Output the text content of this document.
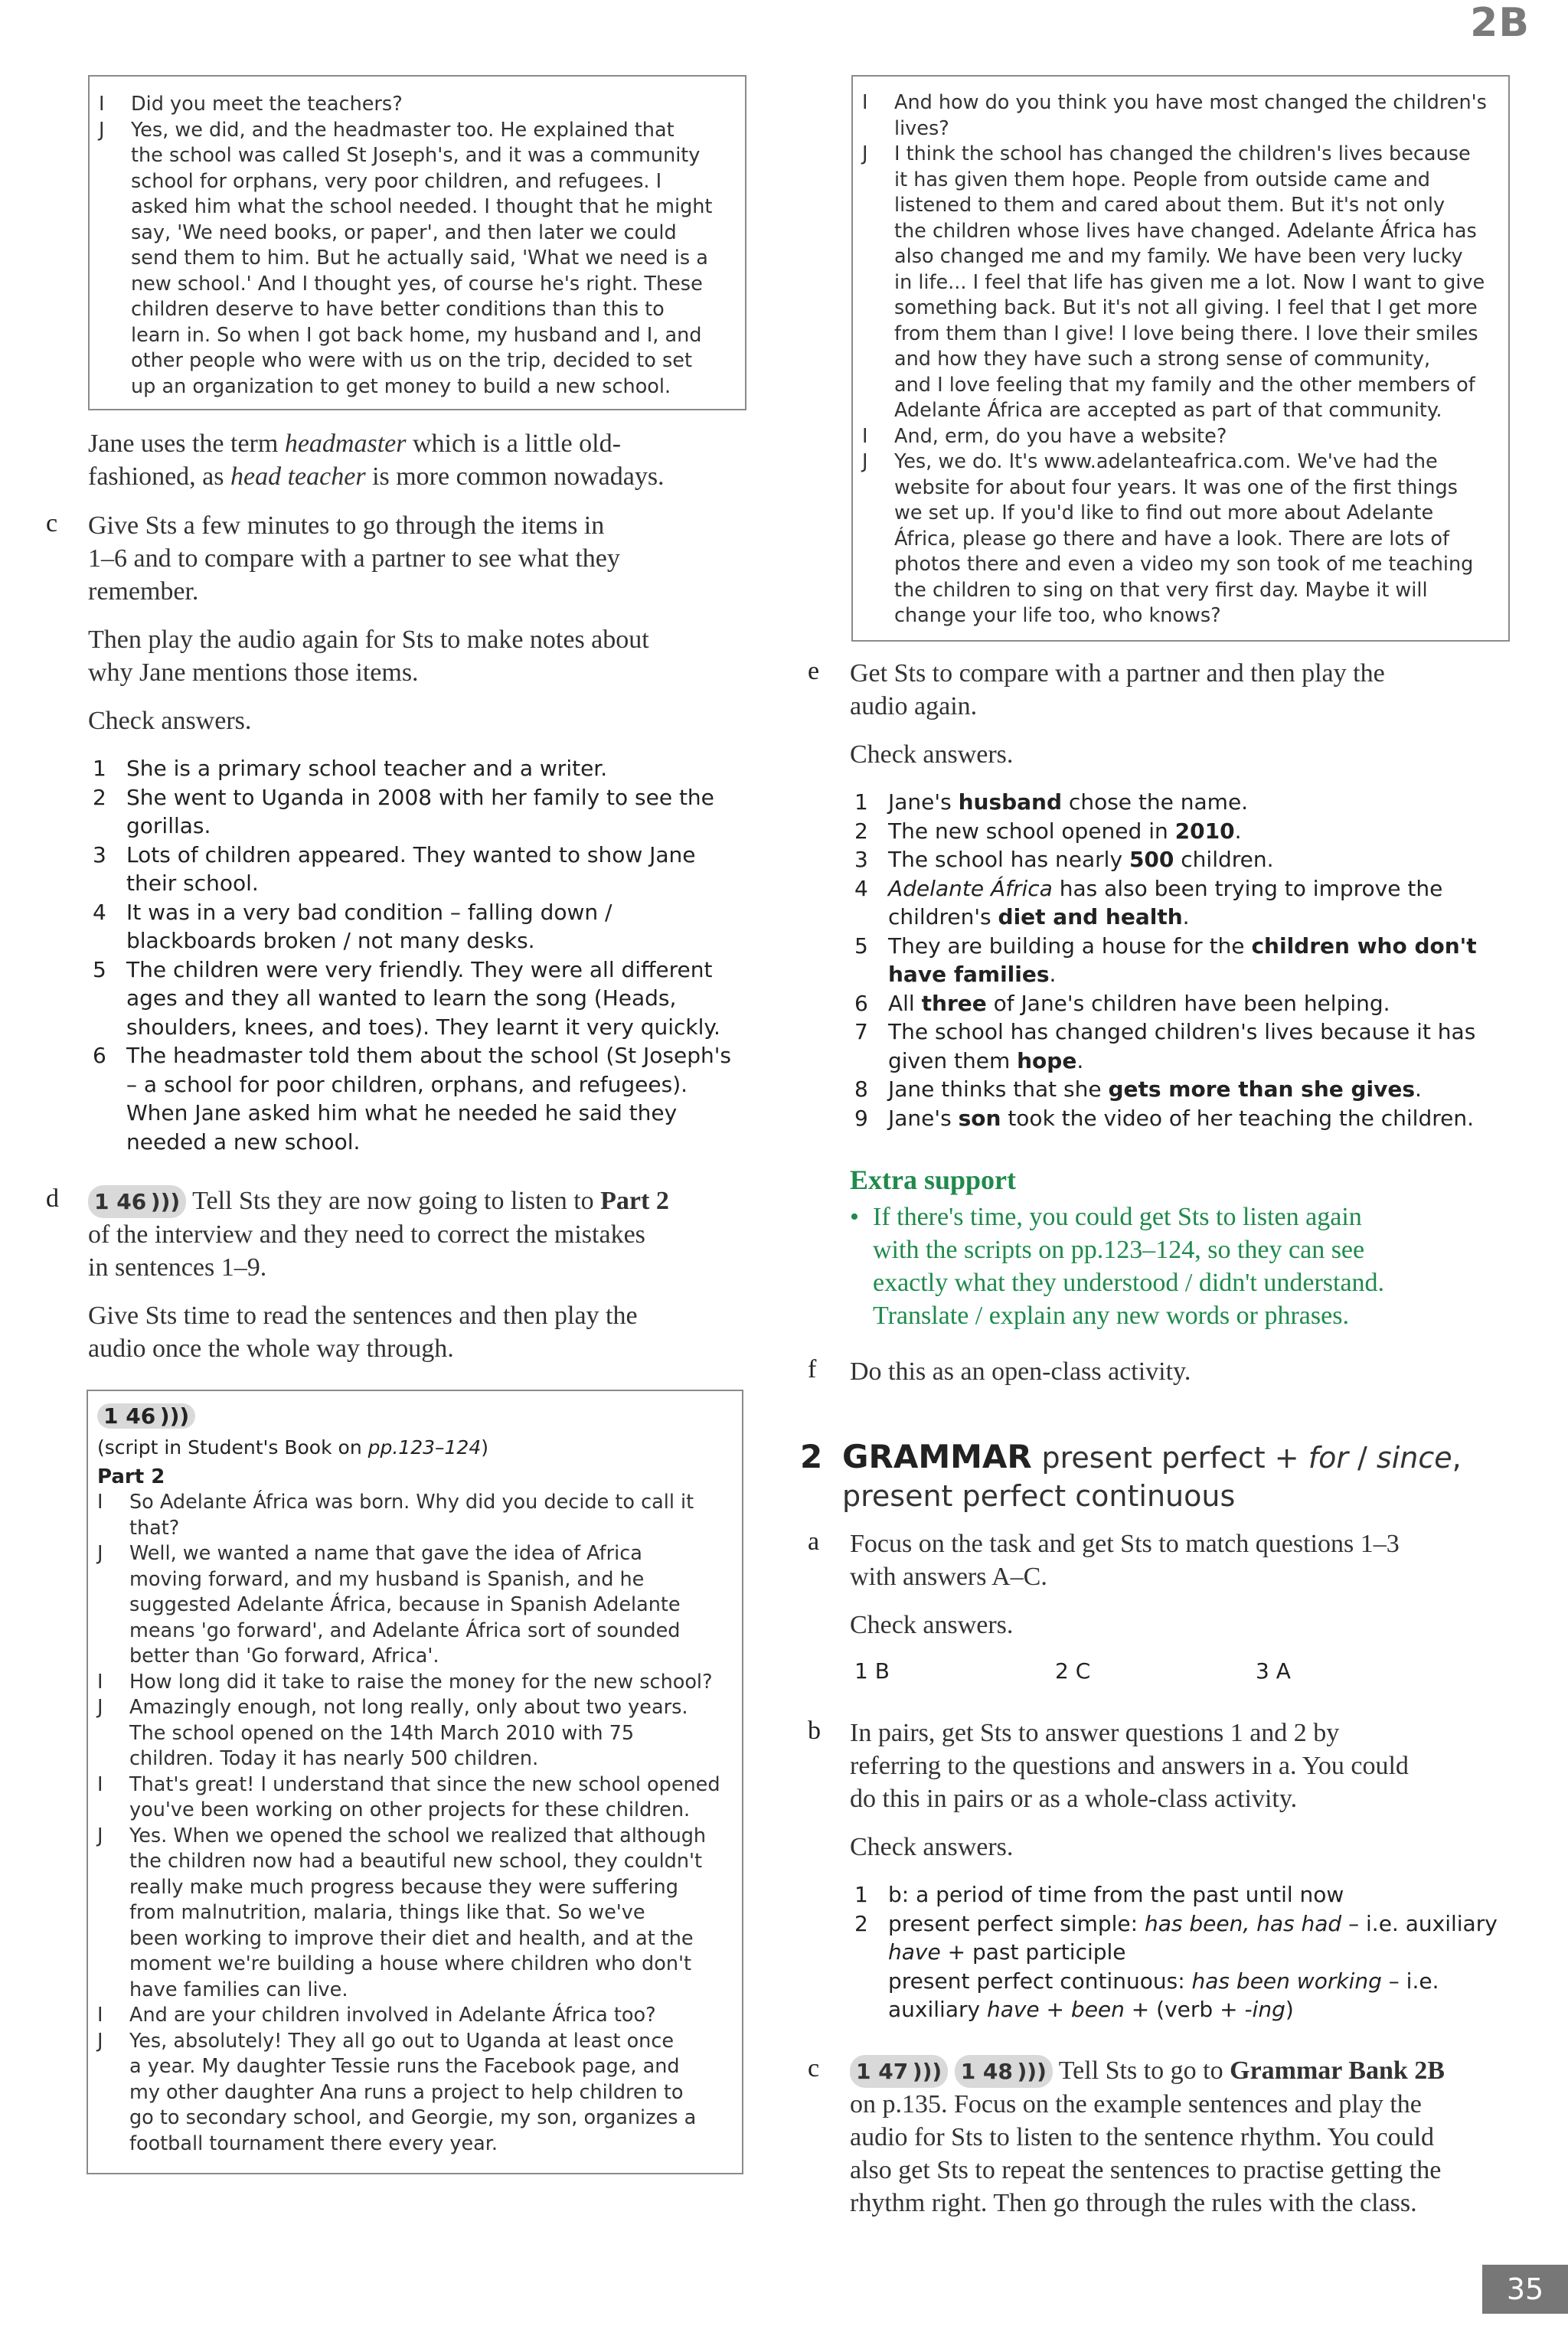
2B
I	Did you meet the teachers?
J	Yes, we did, and the headmaster too. He explained that
the school was called St Joseph's, and it was a community
school for orphans, very poor children, and refugees. I
asked him what the school needed. I thought that he might
say, 'We need books, or paper', and then later we could
send them to him. But he actually said, 'What we need is a
new school.' And I thought yes, of course he's right. These
children deserve to have better conditions than this to
learn in. So when I got back home, my husband and I, and
other people who were with us on the trip, decided to set
up an organization to get money to build a new school.
Jane uses the term headmaster which is a little old-
fashioned, as head teacher is more common nowadays.
c Give Sts a few minutes to go through the items in
1–6 and to compare with a partner to see what they
remember.
Then play the audio again for Sts to make notes about
why Jane mentions those items.
Check answers.
1 She is a primary school teacher and a writer.
2 She went to Uganda in 2008 with her family to see the
gorillas.
3 Lots of children appeared. They wanted to show Jane
their school.
4 It was in a very bad condition – falling down /
blackboards broken / not many desks.
5 The children were very friendly. They were all different
ages and they all wanted to learn the song (Heads,
shoulders, knees, and toes). They learnt it very quickly.
6 The headmaster told them about the school (St Joseph's
– a school for poor children, orphans, and refugees).
When Jane asked him what he needed he said they
needed a new school.
d 1 46 ))) Tell Sts they are now going to listen to Part 2
of the interview and they need to correct the mistakes
in sentences 1–9.
Give Sts time to read the sentences and then play the
audio once the whole way through.
1 46 )))
(script in Student's Book on pp.123–124)
Part 2
I	So Adelante África was born. Why did you decide to call it
that?
J	Well, we wanted a name that gave the idea of Africa
moving forward, and my husband is Spanish, and he
suggested Adelante África, because in Spanish Adelante
means 'go forward', and Adelante África sort of sounded
better than 'Go forward, Africa'.
I	How long did it take to raise the money for the new school?
J	Amazingly enough, not long really, only about two years.
The school opened on the 14th March 2010 with 75
children. Today it has nearly 500 children.
I	That's great! I understand that since the new school opened
you've been working on other projects for these children.
J	Yes. When we opened the school we realized that although
the children now had a beautiful new school, they couldn't
really make much progress because they were suffering
from malnutrition, malaria, things like that. So we've
been working to improve their diet and health, and at the
moment we're building a house where children who don't
have families can live.
I	And are your children involved in Adelante África too?
J	Yes, absolutely! They all go out to Uganda at least once
a year. My daughter Tessie runs the Facebook page, and
my other daughter Ana runs a project to help children to
go to secondary school, and Georgie, my son, organizes a
football tournament there every year.
I	And how do you think you have most changed the children's
lives?
J	I think the school has changed the children's lives because
it has given them hope. People from outside came and
listened to them and cared about them. But it's not only
the children whose lives have changed. Adelante África has
also changed me and my family. We have been very lucky
in life... I feel that life has given me a lot. Now I want to give
something back. But it's not all giving. I feel that I get more
from them than I give! I love being there. I love their smiles
and how they have such a strong sense of community,
and I love feeling that my family and the other members of
Adelante África are accepted as part of that community.
I	And, erm, do you have a website?
J	Yes, we do. It's www.adelanteafrica.com. We've had the
website for about four years. It was one of the first things
we set up. If you'd like to find out more about Adelante
África, please go there and have a look. There are lots of
photos there and even a video my son took of me teaching
the children to sing on that very first day. Maybe it will
change your life too, who knows?
e Get Sts to compare with a partner and then play the
audio again.
Check answers.
1 Jane's husband chose the name.
2 The new school opened in 2010.
3 The school has nearly 500 children.
4 Adelante África has also been trying to improve the
children's diet and health.
5 They are building a house for the children who don't
have families.
6 All three of Jane's children have been helping.
7 The school has changed children's lives because it has
given them hope.
8 Jane thinks that she gets more than she gives.
9 Jane's son took the video of her teaching the children.
Extra support
• If there's time, you could get Sts to listen again
with the scripts on pp.123–124, so they can see
exactly what they understood / didn't understand.
Translate / explain any new words or phrases.
f Do this as an open-class activity.
2 GRAMMAR present perfect + for / since,
present perfect continuous
a Focus on the task and get Sts to match questions 1–3
with answers A–C.
Check answers.
1 B	2 C	3 A
b In pairs, get Sts to answer questions 1 and 2 by
referring to the questions and answers in a. You could
do this in pairs or as a whole-class activity.
Check answers.
1 b: a period of time from the past until now
2 present perfect simple: has been, has had – i.e. auxiliary
have + past participle
present perfect continuous: has been working – i.e.
auxiliary have + been + (verb + -ing)
c 1 47 ))) 1 48 ))) Tell Sts to go to Grammar Bank 2B
on p.135. Focus on the example sentences and play the
audio for Sts to listen to the sentence rhythm. You could
also get Sts to repeat the sentences to practise getting the
rhythm right. Then go through the rules with the class.
35
